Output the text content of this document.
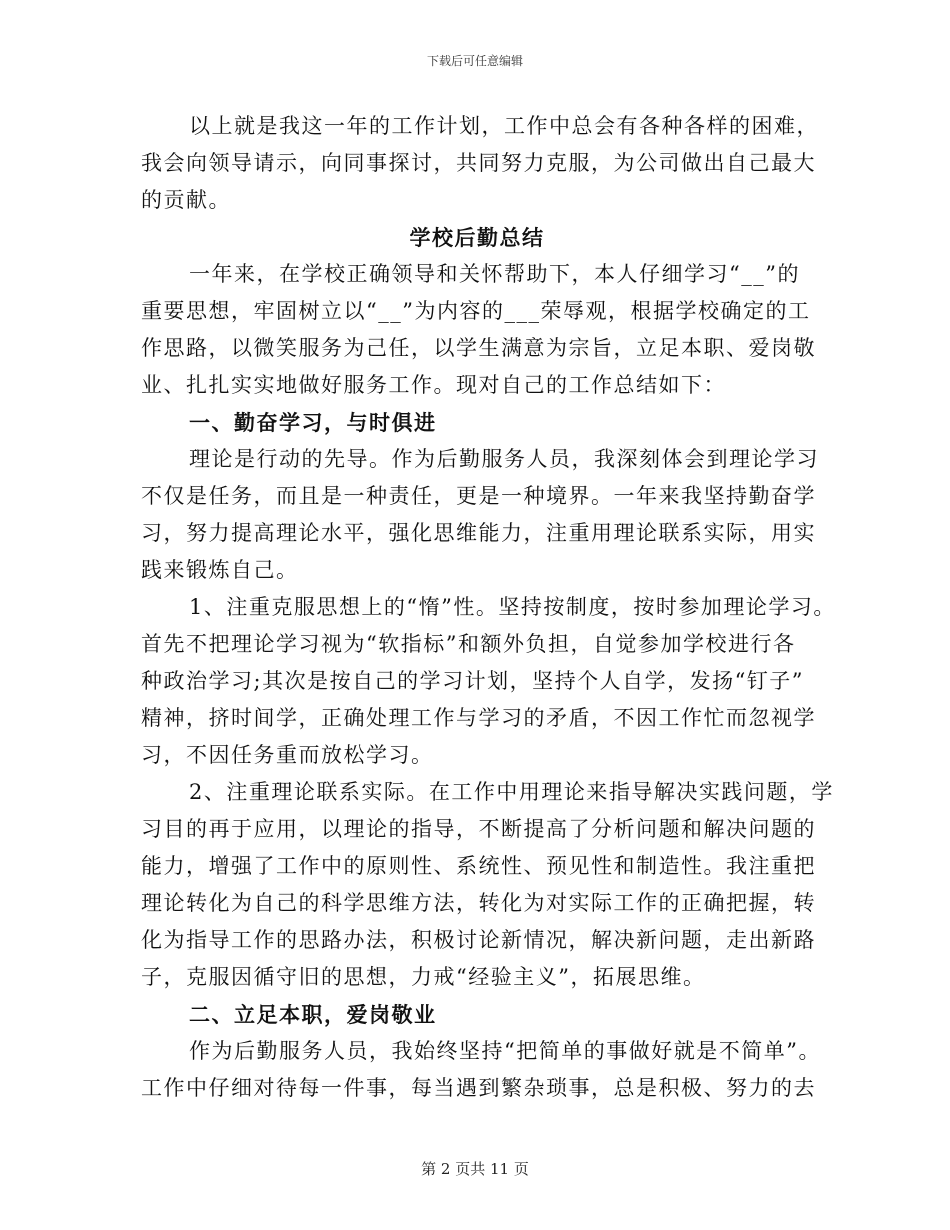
下载后可任意编辑
以上就是我这一年的工作计划，工作中总会有各种各样的困难，
我会向领导请示，向同事探讨，共同努力克服，为公司做出自己最大
的贡献。
学校后勤总结
一年来，在学校正确领导和关怀帮助下，本人仔细学习“__”的
重要思想，牢固树立以“__”为内容的___荣辱观，根据学校确定的工
作思路，以微笑服务为己任，以学生满意为宗旨，立足本职、爱岗敬
业、扎扎实实地做好服务工作。现对自己的工作总结如下：
一、勤奋学习，与时俱进
理论是行动的先导。作为后勤服务人员，我深刻体会到理论学习
不仅是任务，而且是一种责任，更是一种境界。一年来我坚持勤奋学
习，努力提高理论水平，强化思维能力，注重用理论联系实际，用实
践来锻炼自己。
1、注重克服思想上的“惰”性。坚持按制度，按时参加理论学习。
首先不把理论学习视为“软指标”和额外负担，自觉参加学校进行各
种政治学习;其次是按自己的学习计划，坚持个人自学，发扬“钉子”
精神，挤时间学，正确处理工作与学习的矛盾，不因工作忙而忽视学
习，不因任务重而放松学习。
2、注重理论联系实际。在工作中用理论来指导解决实践问题，学
习目的再于应用，以理论的指导，不断提高了分析问题和解决问题的
能力，增强了工作中的原则性、系统性、预见性和制造性。我注重把
理论转化为自己的科学思维方法，转化为对实际工作的正确把握，转
化为指导工作的思路办法，积极讨论新情况，解决新问题，走出新路
子，克服因循守旧的思想，力戒“经验主义”，拓展思维。
二、立足本职，爱岗敬业
作为后勤服务人员，我始终坚持“把简单的事做好就是不简单”。
工作中仔细对待每一件事，每当遇到繁杂琐事，总是积极、努力的去
第 2 页共 11 页
